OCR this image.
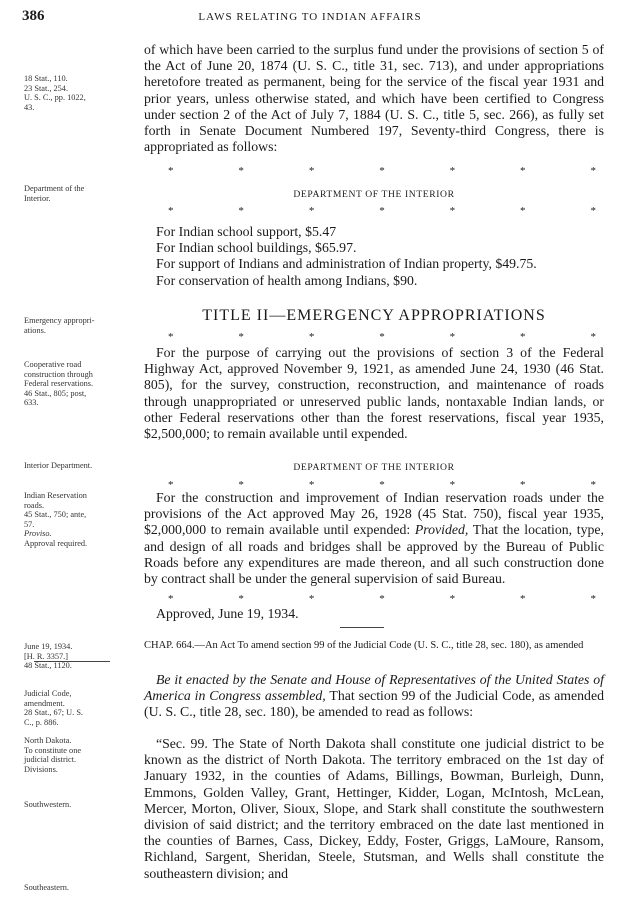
386	LAWS RELATING TO INDIAN AFFAIRS
18 Stat., 110.
23 Stat., 254.
U. S. C., pp. 1022,
43.
Department of the
Interior.
Emergency appropri-
ations.
Cooperative road
construction through
Federal reservations.
46 Stat., 805; post,
633.
Interior Department.
Indian Reservation
roads.
45 Stat., 750; ante,
57.
Proviso.
Approval required.
June 19, 1934.
[H. R. 3357.]
48 Stat., 1120.
Judicial Code,
amendment.
28 Stat., 67; U. S.
C., p. 886.
North Dakota.
To constitute one
judicial district.
Divisions.
Southwestern.
Southeastern.

of which have been carried to the surplus fund under the provisions of section 5 of the Act of June 20, 1874 (U. S. C., title 31, sec. 713), and under appropriations heretofore treated as permanent, being for the service of the fiscal year 1931 and prior years, unless otherwise stated, and which have been certified to Congress under section 2 of the Act of July 7, 1884 (U. S. C., title 5, sec. 266), as fully set forth in Senate Document Numbered 197, Seventy-third Congress, there is appropriated as follows:

*	*	*	*	*	*	*
DEPARTMENT OF THE INTERIOR
*	*	*	*	*	*	*

For Indian school support, $5.47

For Indian school buildings, $65.97.

For support of Indians and administration of Indian property, $49.75.

For conservation of health among Indians, $90.

TITLE II—EMERGENCY APPROPRIATIONS
*	*	*	*	*	*	*

For the purpose of carrying out the provisions of section 3 of the Federal Highway Act, approved November 9, 1921, as amended June 24, 1930 (46 Stat. 805), for the survey, construction, reconstruction, and maintenance of roads through unappropriated or unreserved public lands, nontaxable Indian lands, or other Federal reservations other than the forest reservations, fiscal year 1935, $2,500,000; to remain available until expended.

DEPARTMENT OF THE INTERIOR
*	*	*	*	*	*	*

For the construction and improvement of Indian reservation roads under the provisions of the Act approved May 26, 1928 (45 Stat. 750), fiscal year 1935, $2,000,000 to remain available until expended: Provided, That the location, type, and design of all roads and bridges shall be approved by the Bureau of Public Roads before any expenditures are made thereon, and all such construction done by contract shall be under the general supervision of said Bureau.

*	*	*	*	*	*	*

Approved, June 19, 1934.

CHAP. 664.—An Act To amend section 99 of the Judicial Code (U. S. C., title 28, sec. 180), as amended

Be it enacted by the Senate and House of Representatives of the United States of America in Congress assembled, That section 99 of the Judicial Code, as amended (U. S. C., title 28, sec. 180), be amended to read as follows:

“Sec. 99. The State of North Dakota shall constitute one judicial district to be known as the district of North Dakota. The territory embraced on the 1st day of January 1932, in the counties of Adams, Billings, Bowman, Burleigh, Dunn, Emmons, Golden Valley, Grant, Hettinger, Kidder, Logan, McIntosh, McLean, Mercer, Morton, Oliver, Sioux, Slope, and Stark shall constitute the southwestern division of said district; and the territory embraced on the date last mentioned in the counties of Barnes, Cass, Dickey, Eddy, Foster, Griggs, LaMoure, Ransom, Richland, Sargent, Sheridan, Steele, Stutsman, and Wells shall constitute the southeastern division; and
